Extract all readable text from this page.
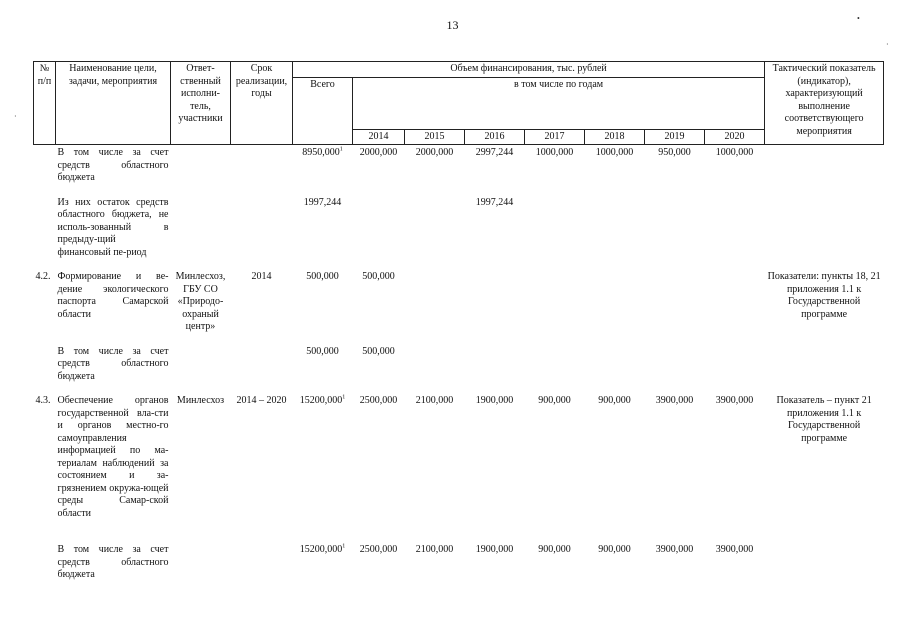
13
№ п/п	Наименование цели, задачи, мероприятия	Ответ-ственный исполни-тель, участники	Срок реализации, годы	Объем финансирования, тыс. рублей								Тактический показатель (индикатор), характеризующий выполнение соответствующего мероприятия
				Всего	в том числе по годам							
					2014	2015	2016	2017	2018	2019	2020	
	В том числе за счет средств областного бюджета			8950,000$^1$	2000,000	2000,000	2997,244	1000,000	1000,000	950,000	1000,000	

	Из них остаток средств областного бюджета, не исполь-зованный в предыду-щий финансовый пе-риод			1997,244			1997,244					

4.2.	Формирование и ве-дение экологического паспорта Самарской области	Минлесхоз, ГБУ СО «Природо-охраный центр»	2014	500,000	500,000							Показатели: пункты 18, 21 приложения 1.1 к Государственной программе

	В том числе за счет средств областного бюджета			500,000	500,000							

4.3.	Обеспечение органов государственной вла-сти и органов местно-го самоуправления информацией по ма-териалам наблюдений за состоянием и за-грязнением окружа-ющей среды Самар-ской области	Минлесхоз	2014 – 2020	15200,000$^1$	2500,000	2100,000	1900,000	900,000	900,000	3900,000	3900,000	Показатель – пункт 21 приложения 1.1 к Государственной программе

	В том числе за счет средств областного бюджета			15200,000$^1$	2500,000	2100,000	1900,000	900,000	900,000	3900,000	3900,000	
•
·
·
